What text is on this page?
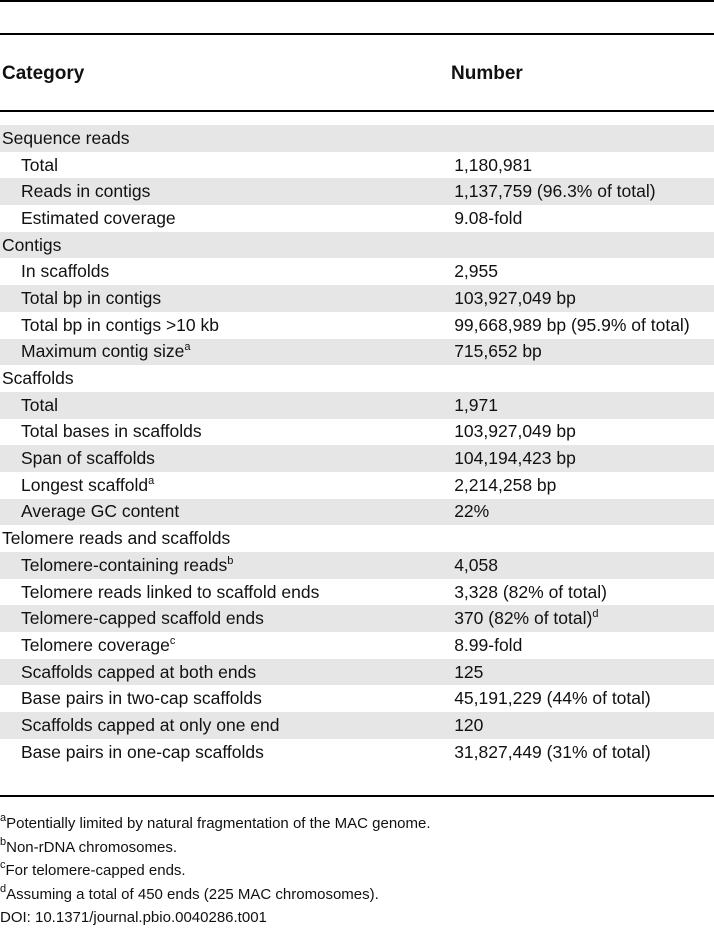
Category	Number
Sequence reads	
Total	1,180,981
Reads in contigs	1,137,759 (96.3% of total)
Estimated coverage	9.08-fold
Contigs	
In scaffolds	2,955
Total bp in contigs	103,927,049 bp
Total bp in contigs >10 kb	99,668,989 bp (95.9% of total)
Maximum contig size$^a$	715,652 bp
Scaffolds	
Total	1,971
Total bases in scaffolds	103,927,049 bp
Span of scaffolds	104,194,423 bp
Longest scaffold$^a$	2,214,258 bp
Average GC content	22%
Telomere reads and scaffolds	
Telomere-containing reads$^b$	4,058
Telomere reads linked to scaffold ends	3,328 (82% of total)
Telomere-capped scaffold ends	370 (82% of total)$^d$
Telomere coverage$^c$	8.99-fold
Scaffolds capped at both ends	125
Base pairs in two-cap scaffolds	45,191,229 (44% of total)
Scaffolds capped at only one end	120
Base pairs in one-cap scaffolds	31,827,449 (31% of total)
$^a$Potentially limited by natural fragmentation of the MAC genome.
$^b$Non-rDNA chromosomes.
$^c$For telomere-capped ends.
$^d$Assuming a total of 450 ends (225 MAC chromosomes).
DOI: 10.1371/journal.pbio.0040286.t001
